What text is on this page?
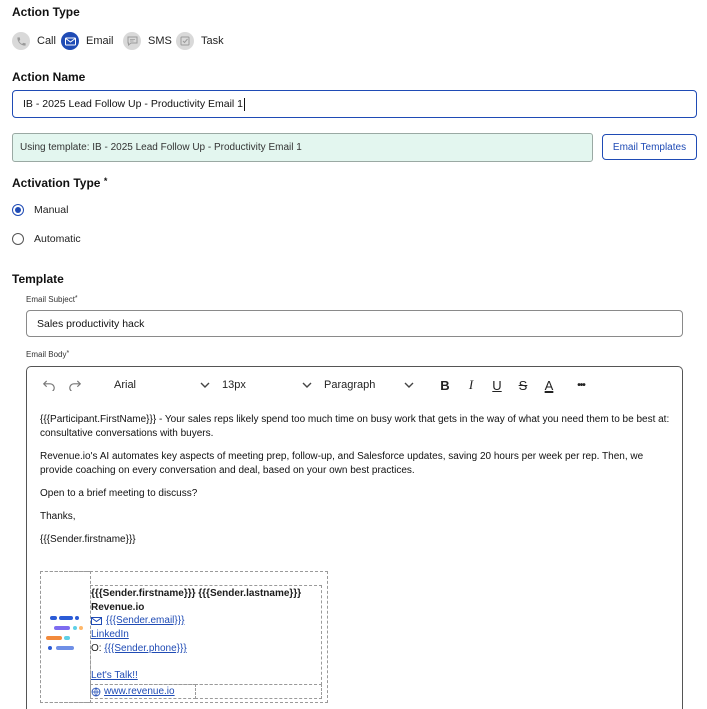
Action Type
Call	Email	SMS	Task
Action Name
IB - 2025 Lead Follow Up - Productivity Email 1
Using template: IB - 2025 Lead Follow Up - Productivity Email 1	Email Templates
Activation Type *
Manual
Automatic
Template
Email Subject*
Sales productivity hack
Email Body*
Arial	13px	Paragraph	B	I	U	S	A	•••

{{{Participant.FirstName}}} - Your sales reps likely spend too much time on busy work that gets in the way of what you need them to be best at: consultative conversations with buyers.

Revenue.io's AI automates key aspects of meeting prep, follow-up, and Salesforce updates, saving 20 hours per week per rep. Then, we provide coaching on every conversation and deal, based on your own best practices.

Open to a brief meeting to discuss?

Thanks,

{{{Sender.firstname}}}

{{{Sender.firstname}}} {{{Sender.lastname}}}
Revenue.io
{{{Sender.email}}}
LinkedIn
O: {{{Sender.phone}}}
Let's Talk!!
www.revenue.io
